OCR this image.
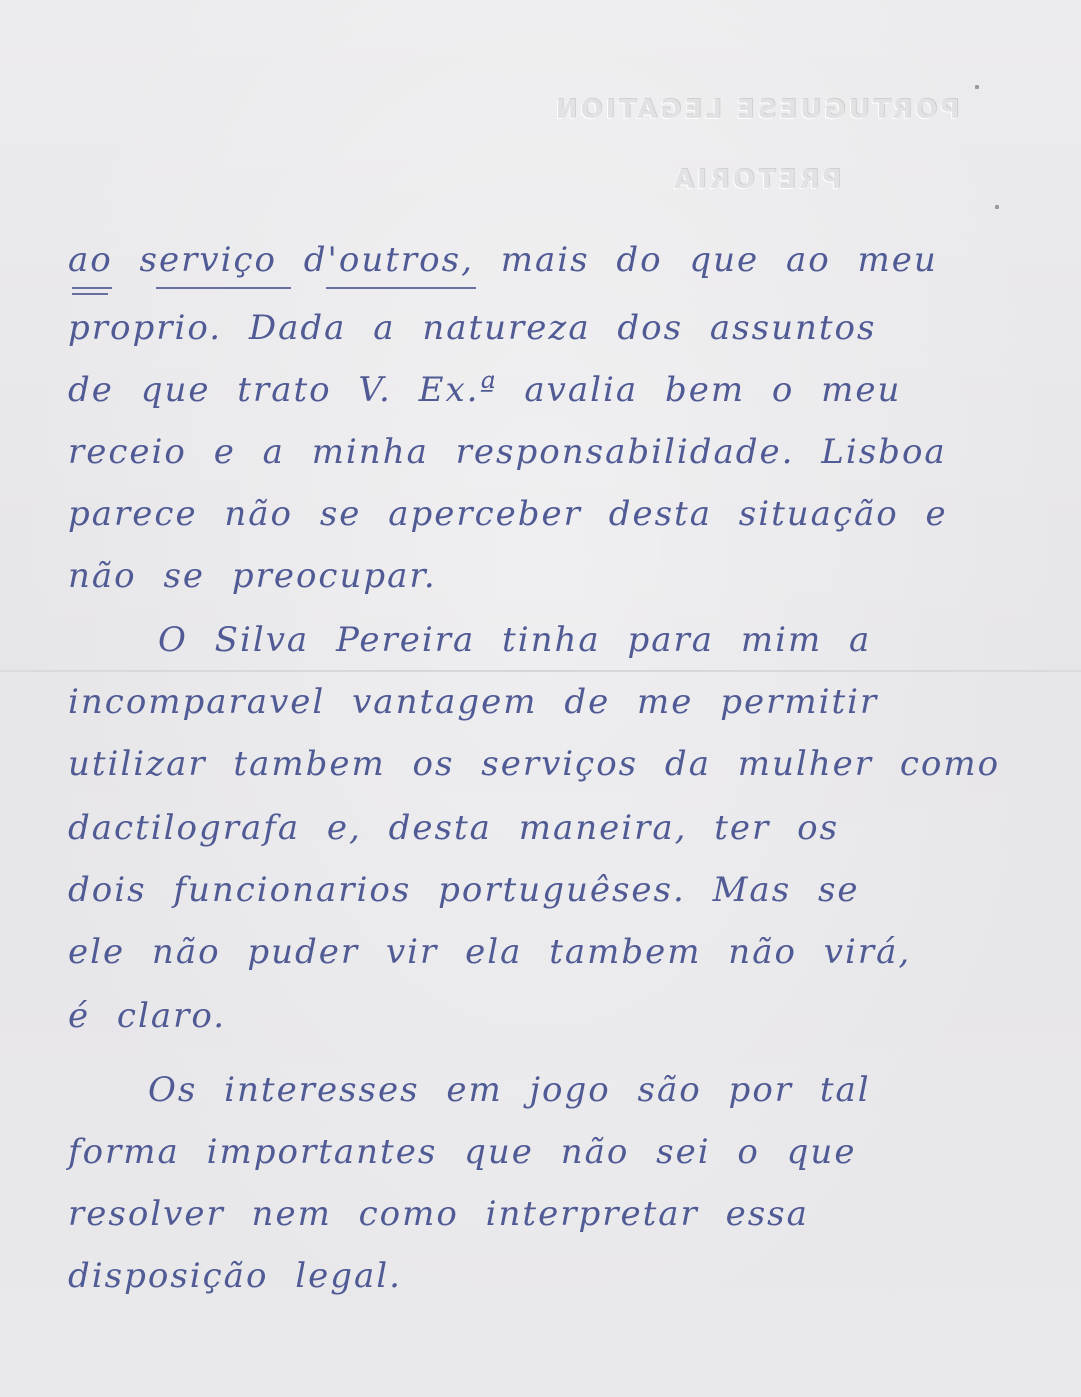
PORTUGUESE LEGATION
PRETORIA
ao serviço d'outros, mais do que ao meu
proprio. Dada a natureza dos assuntos
de que trato V. Ex.ª avalia bem o meu
receio e a minha responsabilidade. Lisboa
parece não se aperceber desta situação e
não se preocupar.
O Silva Pereira tinha para mim a
incomparavel vantagem de me permitir
utilizar tambem os serviços da mulher como
dactilografa e, desta maneira, ter os
dois funcionarios portuguêses. Mas se
ele não puder vir ela tambem não virá,
é claro.
Os interesses em jogo são por tal
forma importantes que não sei o que
resolver nem como interpretar essa
disposição legal.
